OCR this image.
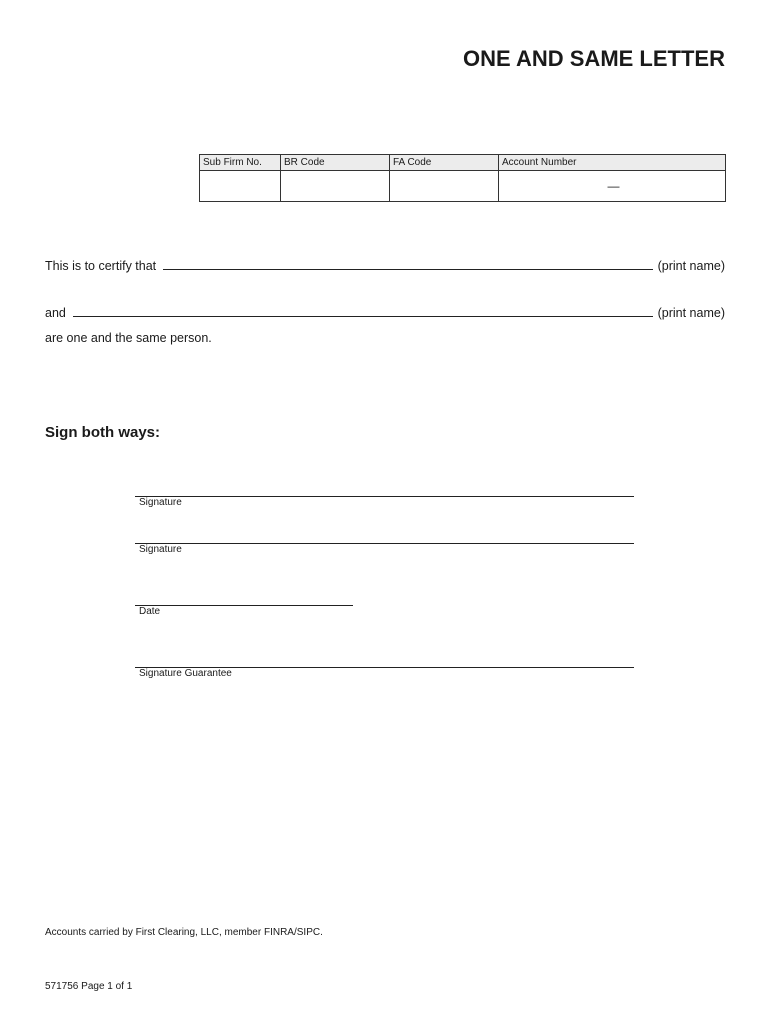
ONE AND SAME LETTER
Sub Firm No.	BR Code	FA Code	Account Number
			—
This is to certify that	(print name)
and	(print name)
are one and the same person.
Sign both ways:
Signature
Signature
Date
Signature Guarantee
Accounts carried by First Clearing, LLC, member FINRA/SIPC.
571756 Page 1 of 1
